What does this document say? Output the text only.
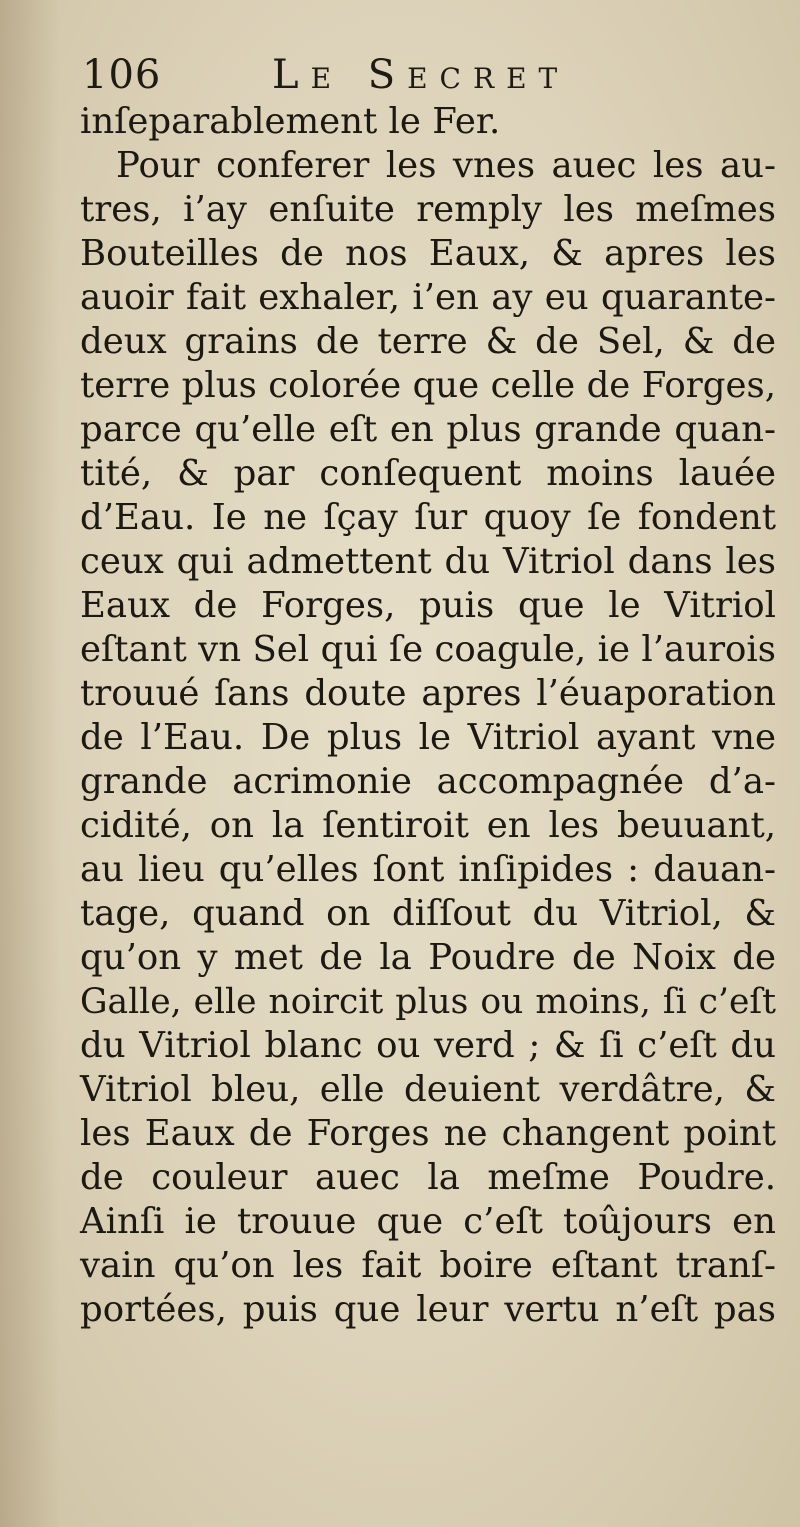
106	Le Secret
inſeparablement le Fer.
Pour conferer les vnes auec les au-
tres, i’ay enſuite remply les meſmes
Bouteilles de nos Eaux, & apres les
auoir fait exhaler, i’en ay eu quarante-
deux grains de terre & de Sel, & de
terre plus colorée que celle de Forges,
parce qu’elle eſt en plus grande quan-
tité, & par conſequent moins lauée
d’Eau. Ie ne ſçay ſur quoy ſe fondent
ceux qui admettent du Vitriol dans les
Eaux de Forges, puis que le Vitriol
eſtant vn Sel qui ſe coagule, ie l’aurois
trouué ſans doute apres l’éuaporation
de l’Eau. De plus le Vitriol ayant vne
grande acrimonie accompagnée d’a-
cidité, on la ſentiroit en les beuuant,
au lieu qu’elles ſont inſipides : dauan-
tage, quand on diſſout du Vitriol, &
qu’on y met de la Poudre de Noix de
Galle, elle noircit plus ou moins, ſi c’eſt
du Vitriol blanc ou verd ; & ſi c’eſt du
Vitriol bleu, elle deuient verdâtre, &
les Eaux de Forges ne changent point
de couleur auec la meſme Poudre.
Ainſi ie trouue que c’eſt toûjours en
vain qu’on les fait boire eſtant tranſ-
portées, puis que leur vertu n’eſt pas
